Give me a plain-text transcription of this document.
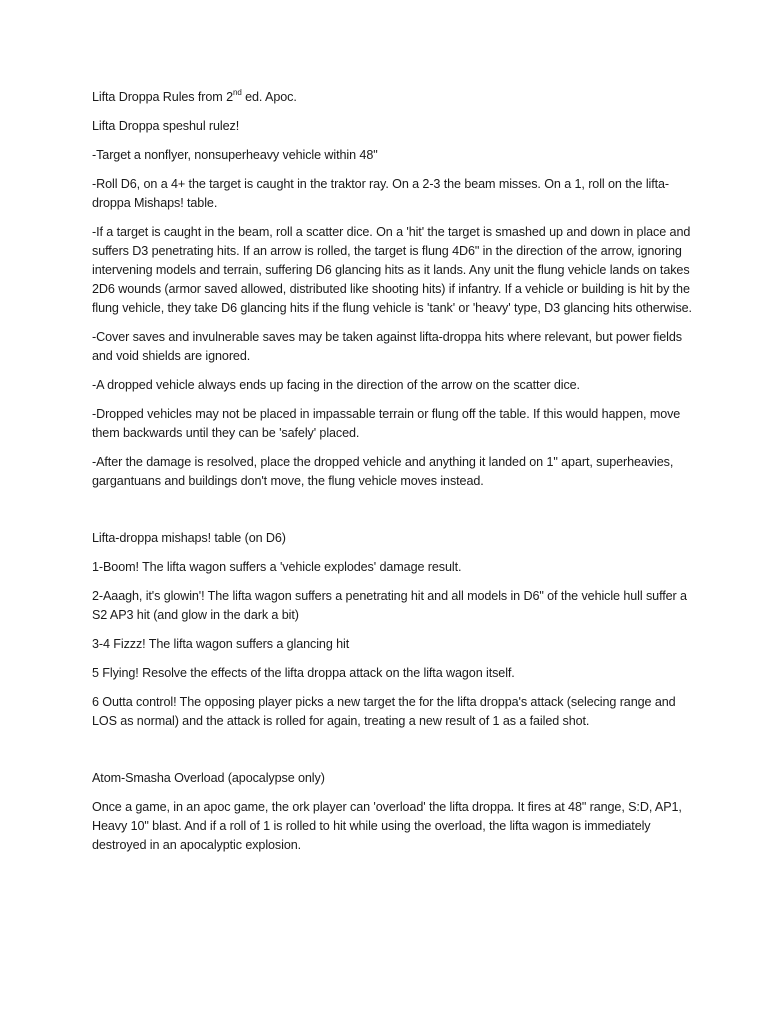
Lifta Droppa Rules from 2nd ed. Apoc.

Lifta Droppa speshul rulez!

-Target a nonflyer, nonsuperheavy vehicle within 48"

-Roll D6, on a 4+ the target is caught in the traktor ray. On a 2-3 the beam misses. On a 1, roll on the lifta-droppa Mishaps! table.

-If a target is caught in the beam, roll a scatter dice. On a 'hit' the target is smashed up and down in place and suffers D3 penetrating hits. If an arrow is rolled, the target is flung 4D6" in the direction of the arrow, ignoring intervening models and terrain, suffering D6 glancing hits as it lands. Any unit the flung vehicle lands on takes 2D6 wounds (armor saved allowed, distributed like shooting hits) if infantry. If a vehicle or building is hit by the flung vehicle, they take D6 glancing hits if the flung vehicle is 'tank' or 'heavy' type, D3 glancing hits otherwise.

-Cover saves and invulnerable saves may be taken against lifta-droppa hits where relevant, but power fields and void shields are ignored.

-A dropped vehicle always ends up facing in the direction of the arrow on the scatter dice.

-Dropped vehicles may not be placed in impassable terrain or flung off the table. If this would happen, move them backwards until they can be 'safely' placed.

-After the damage is resolved, place the dropped vehicle and anything it landed on 1" apart, superheavies, gargantuans and buildings don't move, the flung vehicle moves instead.

Lifta-droppa mishaps! table (on D6)

1-Boom! The lifta wagon suffers a 'vehicle explodes' damage result.

2-Aaagh, it's glowin'! The lifta wagon suffers a penetrating hit and all models in D6" of the vehicle hull suffer a S2 AP3 hit (and glow in the dark a bit)

3-4 Fizzz! The lifta wagon suffers a glancing hit

5 Flying! Resolve the effects of the lifta droppa attack on the lifta wagon itself.

6 Outta control! The opposing player picks a new target the for the lifta droppa's attack (selecing range and LOS as normal) and the attack is rolled for again, treating a new result of 1 as a failed shot.

Atom-Smasha Overload (apocalypse only)

Once a game, in an apoc game, the ork player can 'overload' the lifta droppa. It fires at 48" range, S:D, AP1, Heavy 10" blast. And if a roll of 1 is rolled to hit while using the overload, the lifta wagon is immediately destroyed in an apocalyptic explosion.
